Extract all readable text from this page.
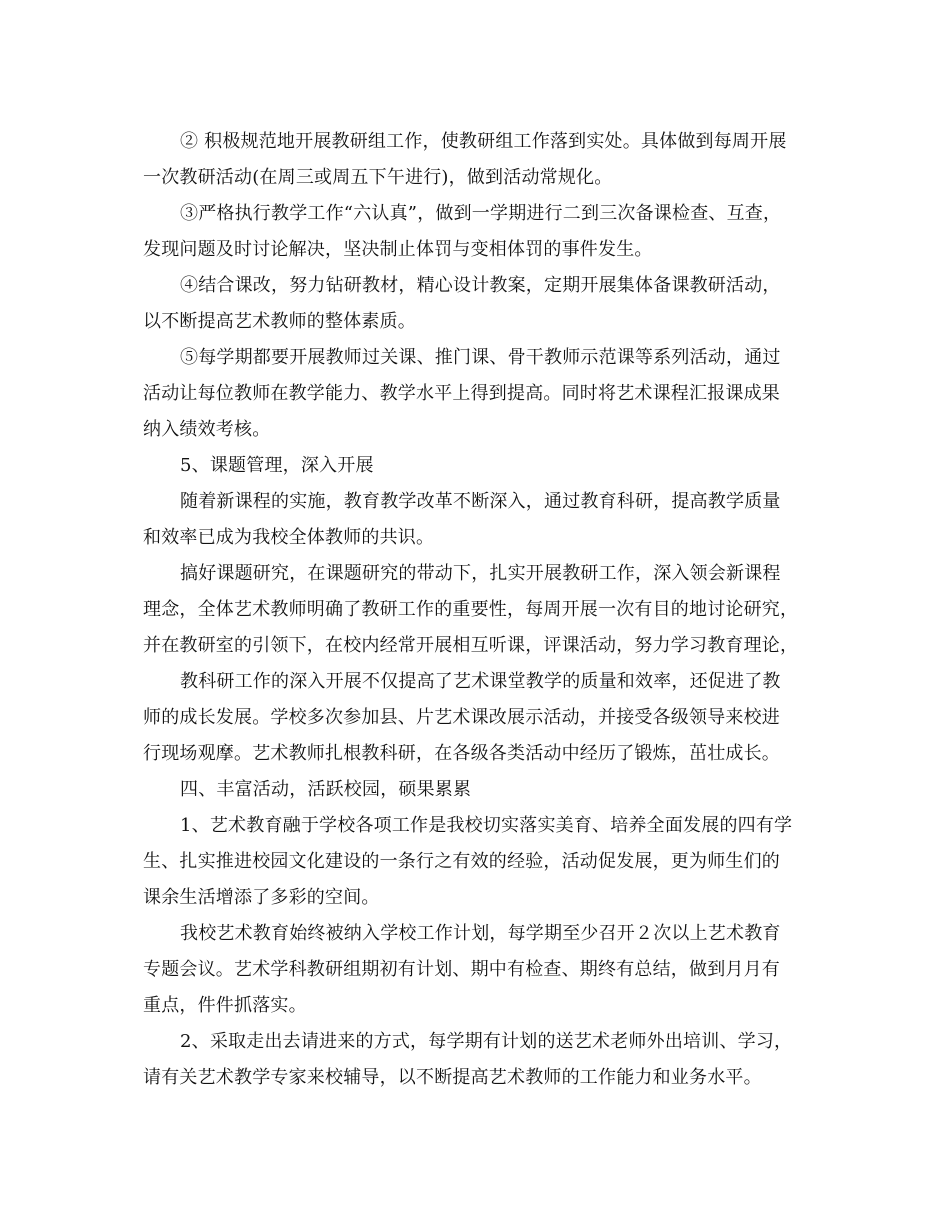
② 积极规范地开展教研组工作，使教研组工作落到实处。具体做到每周开展
一次教研活动(在周三或周五下午进行)，做到活动常规化。
③严格执行教学工作“六认真”，做到一学期进行二到三次备课检查、互查，
发现问题及时讨论解决，坚决制止体罚与变相体罚的事件发生。
④结合课改，努力钻研教材，精心设计教案，定期开展集体备课教研活动，
以不断提高艺术教师的整体素质。
⑤每学期都要开展教师过关课、推门课、骨干教师示范课等系列活动，通过
活动让每位教师在教学能力、教学水平上得到提高。同时将艺术课程汇报课成果
纳入绩效考核。
5、课题管理，深入开展
随着新课程的实施，教育教学改革不断深入，通过教育科研，提高教学质量
和效率已成为我校全体教师的共识。
搞好课题研究，在课题研究的带动下，扎实开展教研工作，深入领会新课程
理念，全体艺术教师明确了教研工作的重要性，每周开展一次有目的地讨论研究，
并在教研室的引领下，在校内经常开展相互听课，评课活动，努力学习教育理论，
教科研工作的深入开展不仅提高了艺术课堂教学的质量和效率，还促进了教
师的成长发展。学校多次参加县、片艺术课改展示活动，并接受各级领导来校进
行现场观摩。艺术教师扎根教科研，在各级各类活动中经历了锻炼，茁壮成长。
四、丰富活动，活跃校园，硕果累累
1、艺术教育融于学校各项工作是我校切实落实美育、培养全面发展的四有学
生、扎实推进校园文化建设的一条行之有效的经验，活动促发展，更为师生们的
课余生活增添了多彩的空间。
我校艺术教育始终被纳入学校工作计划，每学期至少召开２次以上艺术教育
专题会议。艺术学科教研组期初有计划、期中有检查、期终有总结，做到月月有
重点，件件抓落实。
2、采取走出去请进来的方式，每学期有计划的送艺术老师外出培训、学习，
请有关艺术教学专家来校辅导，以不断提高艺术教师的工作能力和业务水平。
